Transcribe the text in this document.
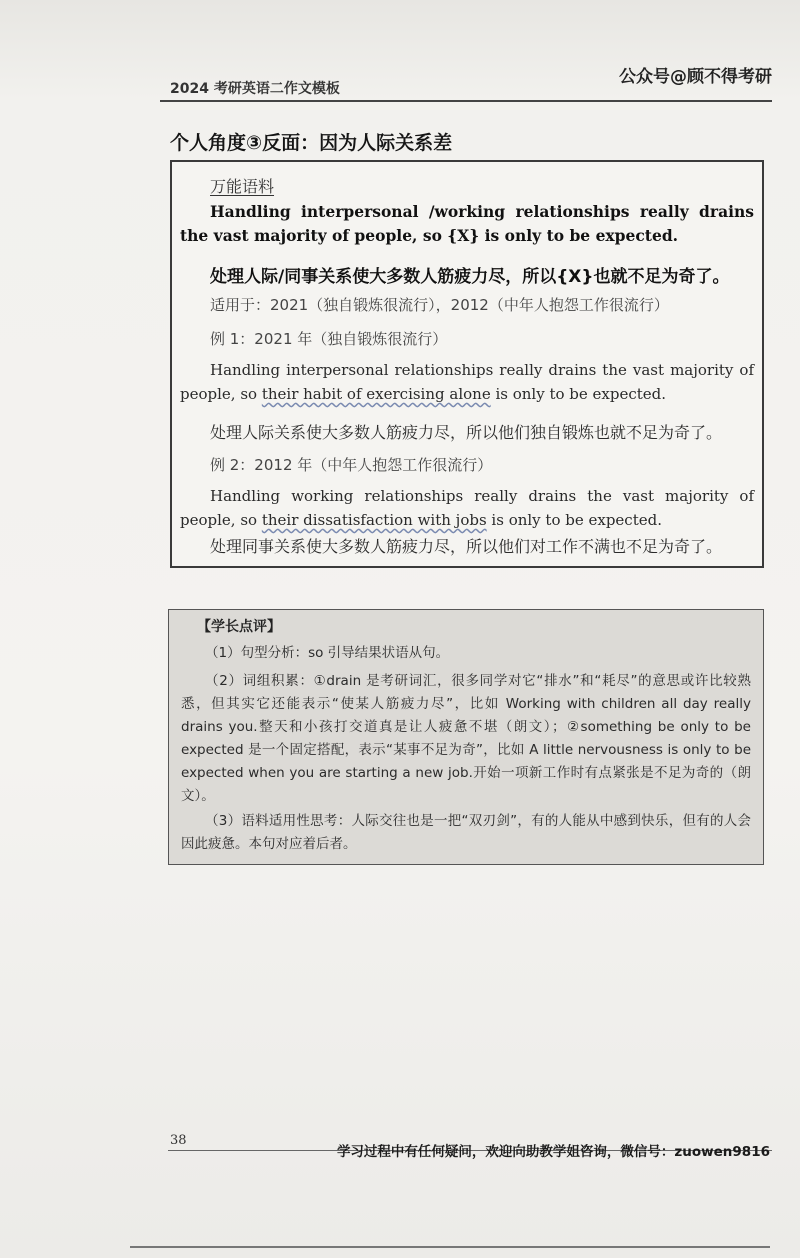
2024 考研英语二作文模板
公众号@顾不得考研
个人角度③反面：因为人际关系差

万能语料

Handling interpersonal /working relationships really drains the vast majority of people, so {X} is only to be expected.

处理人际/同事关系使大多数人筋疲力尽，所以{X}也就不足为奇了。

适用于：2021（独自锻炼很流行），2012（中年人抱怨工作很流行）

例 1：2021 年（独自锻炼很流行）

Handling interpersonal relationships really drains the vast majority of people, so their habit of exercising alone is only to be expected.

处理人际关系使大多数人筋疲力尽，所以他们独自锻炼也就不足为奇了。

例 2：2012 年（中年人抱怨工作很流行）

Handling working relationships really drains the vast majority of people, so their dissatisfaction with jobs is only to be expected.

处理同事关系使大多数人筋疲力尽，所以他们对工作不满也不足为奇了。

【学长点评】

（1）句型分析：so 引导结果状语从句。

（2）词组积累：①drain 是考研词汇，很多同学对它“排水”和“耗尽”的意思或许比较熟悉，但其实它还能表示“使某人筋疲力尽”，比如 Working with children all day really drains you.整天和小孩打交道真是让人疲惫不堪（朗文）；②something be only to be expected 是一个固定搭配，表示“某事不足为奇”，比如 A little nervousness is only to be expected when you are starting a new job.开始一项新工作时有点紧张是不足为奇的（朗文）。

（3）语料适用性思考：人际交往也是一把“双刃剑”，有的人能从中感到快乐，但有的人会因此疲惫。本句对应着后者。

38
学习过程中有任何疑问，欢迎向助教学姐咨询，微信号：zuowen9816
